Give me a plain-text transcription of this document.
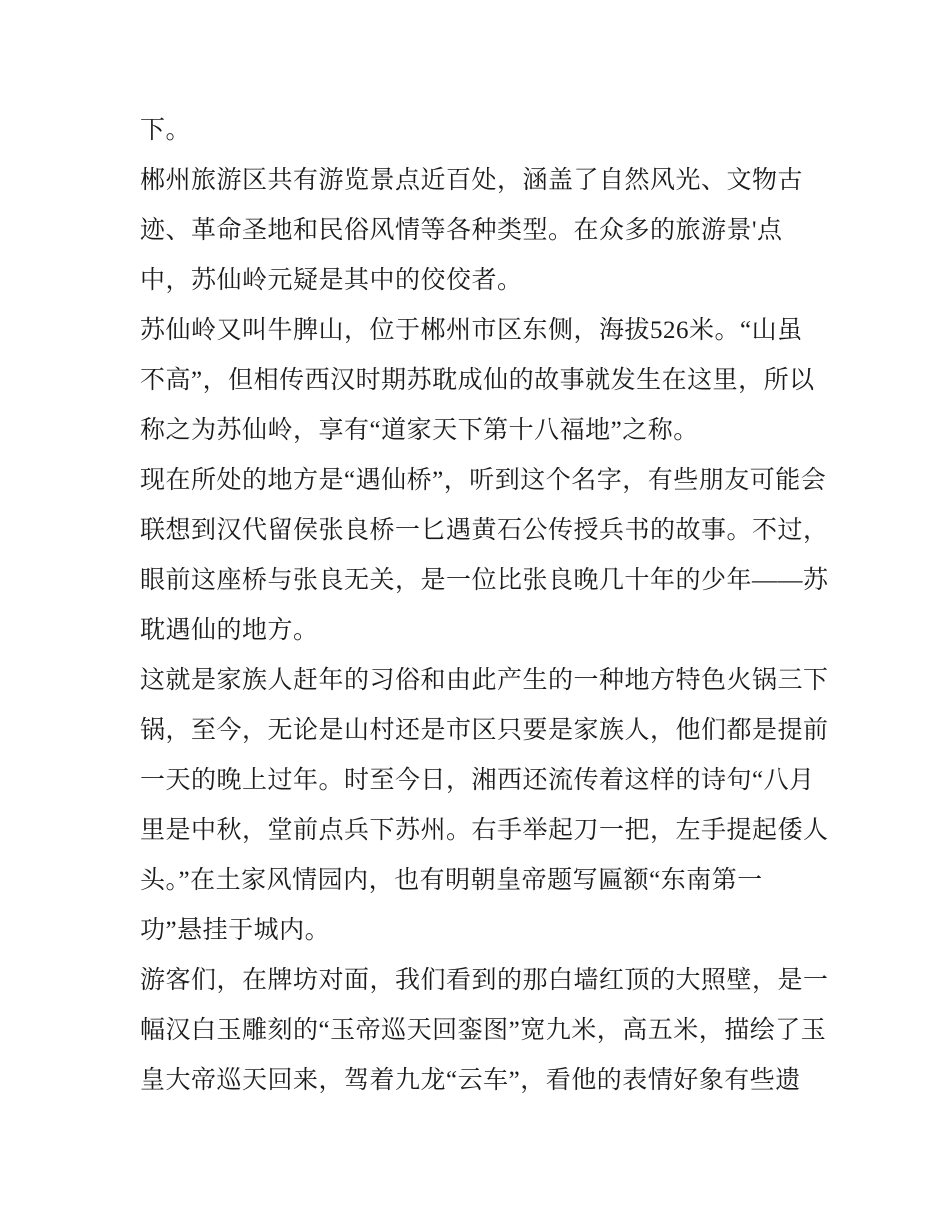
下。
郴州旅游区共有游览景点近百处，涵盖了自然风光、文物古
迹、革命圣地和民俗风情等各种类型。在众多的旅游景'点
中，苏仙岭元疑是其中的佼佼者。
苏仙岭又叫牛脾山，位于郴州市区东侧，海拔526米。“山虽
不高”，但相传西汉时期苏耽成仙的故事就发生在这里，所以
称之为苏仙岭，享有“道家天下第十八福地”之称。
现在所处的地方是“遇仙桥”，听到这个名字，有些朋友可能会
联想到汉代留侯张良桥一匕遇黄石公传授兵书的故事。不过，
眼前这座桥与张良无关，是一位比张良晚几十年的少年——苏
耽遇仙的地方。
这就是家族人赶年的习俗和由此产生的一种地方特色火锅三下
锅，至今，无论是山村还是市区只要是家族人，他们都是提前
一天的晚上过年。时至今日，湘西还流传着这样的诗句“八月
里是中秋，堂前点兵下苏州。右手举起刀一把，左手提起倭人
头。”在土家风情园内，也有明朝皇帝题写匾额“东南第一
功”悬挂于城内。
游客们，在牌坊对面，我们看到的那白墙红顶的大照壁，是一
幅汉白玉雕刻的“玉帝巡天回銮图”宽九米，高五米，描绘了玉
皇大帝巡天回来，驾着九龙“云车”，看他的表情好象有些遗
